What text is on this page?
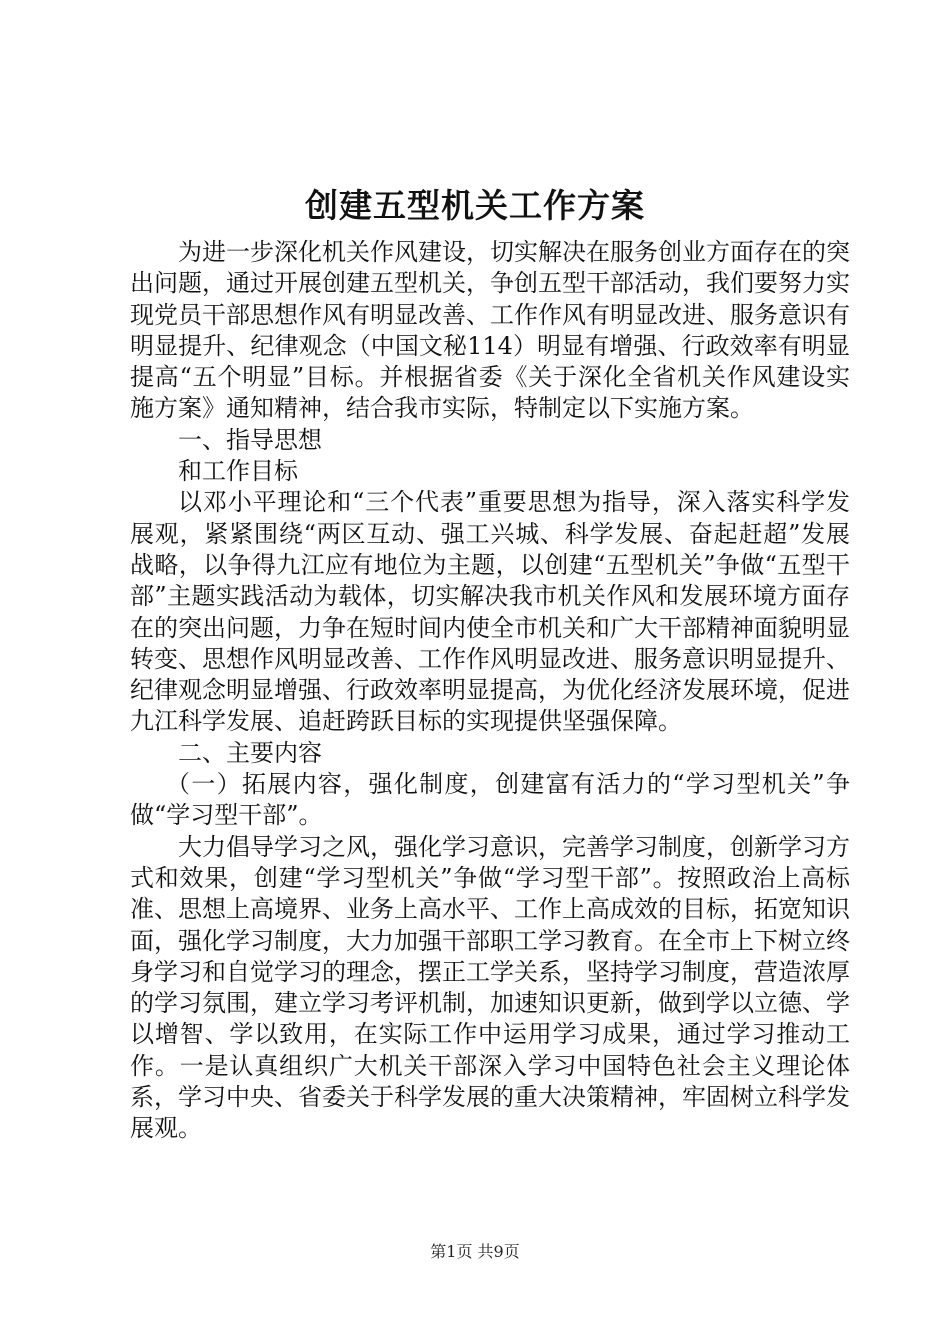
创建五型机关工作方案

为进一步深化机关作风建设，切实解决在服务创业方面存在的突出问题，通过开展创建五型机关，争创五型干部活动，我们要努力实现党员干部思想作风有明显改善、工作作风有明显改进、服务意识有明显提升、纪律观念（中国文秘114）明显有增强、行政效率有明显提高“五个明显”目标。并根据省委《关于深化全省机关作风建设实施方案》通知精神，结合我市实际，特制定以下实施方案。

一、指导思想

和工作目标

以邓小平理论和“三个代表”重要思想为指导，深入落实科学发展观，紧紧围绕“两区互动、强工兴城、科学发展、奋起赶超”发展战略，以争得九江应有地位为主题，以创建“五型机关”争做“五型干部”主题实践活动为载体，切实解决我市机关作风和发展环境方面存在的突出问题，力争在短时间内使全市机关和广大干部精神面貌明显转变、思想作风明显改善、工作作风明显改进、服务意识明显提升、纪律观念明显增强、行政效率明显提高，为优化经济发展环境，促进九江科学发展、追赶跨跃目标的实现提供坚强保障。

二、主要内容

（一）拓展内容，强化制度，创建富有活力的“学习型机关”争做“学习型干部”。

大力倡导学习之风，强化学习意识，完善学习制度，创新学习方式和效果，创建“学习型机关”争做“学习型干部”。按照政治上高标准、思想上高境界、业务上高水平、工作上高成效的目标，拓宽知识面，强化学习制度，大力加强干部职工学习教育。在全市上下树立终身学习和自觉学习的理念，摆正工学关系，坚持学习制度，营造浓厚的学习氛围，建立学习考评机制，加速知识更新，做到学以立德、学以增智、学以致用，在实际工作中运用学习成果，通过学习推动工作。一是认真组织广大机关干部深入学习中国特色社会主义理论体系，学习中央、省委关于科学发展的重大决策精神，牢固树立科学发展观。

第1页 共9页
